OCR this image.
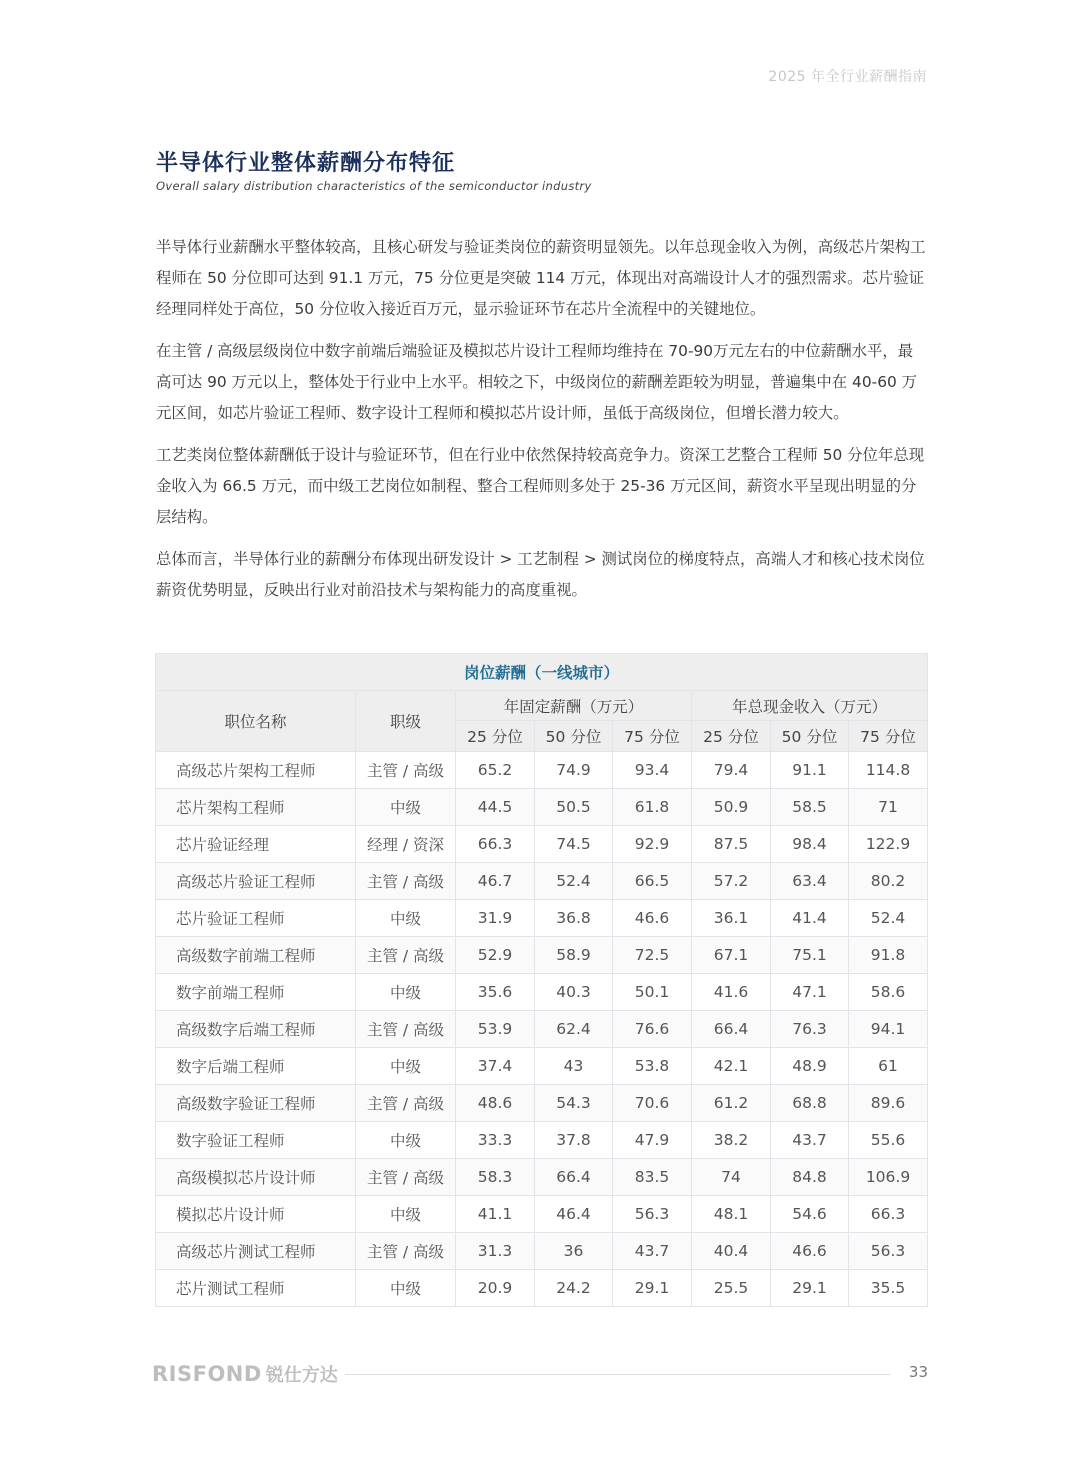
2025 年全行业薪酬指南
半导体行业整体薪酬分布特征

Overall salary distribution characteristics of the semiconductor industry

半导体行业薪酬水平整体较高，且核心研发与验证类岗位的薪资明显领先。以年总现金收入为例，高级芯片架构工程师在 50 分位即可达到 91.1 万元，75 分位更是突破 114 万元，体现出对高端设计人才的强烈需求。芯片验证经理同样处于高位，50 分位收入接近百万元，显示验证环节在芯片全流程中的关键地位。

在主管 / 高级层级岗位中数字前端后端验证及模拟芯片设计工程师均维持在 70-90万元左右的中位薪酬水平，最高可达 90 万元以上，整体处于行业中上水平。相较之下，中级岗位的薪酬差距较为明显，普遍集中在 40-60 万元区间，如芯片验证工程师、数字设计工程师和模拟芯片设计师，虽低于高级岗位，但增长潜力较大。

工艺类岗位整体薪酬低于设计与验证环节，但在行业中依然保持较高竞争力。资深工艺整合工程师 50 分位年总现金收入为 66.5 万元，而中级工艺岗位如制程、整合工程师则多处于 25-36 万元区间，薪资水平呈现出明显的分层结构。

总体而言，半导体行业的薪酬分布体现出研发设计 > 工艺制程 > 测试岗位的梯度特点，高端人才和核心技术岗位薪资优势明显，反映出行业对前沿技术与架构能力的高度重视。

岗位薪酬（一线城市）							
职位名称	职级	年固定薪酬（万元）			年总现金收入（万元）		
		25 分位	50 分位	75 分位	25 分位	50 分位	75 分位
高级芯片架构工程师	主管 / 高级	65.2	74.9	93.4	79.4	91.1	114.8
芯片架构工程师	中级	44.5	50.5	61.8	50.9	58.5	71
芯片验证经理	经理 / 资深	66.3	74.5	92.9	87.5	98.4	122.9
高级芯片验证工程师	主管 / 高级	46.7	52.4	66.5	57.2	63.4	80.2
芯片验证工程师	中级	31.9	36.8	46.6	36.1	41.4	52.4
高级数字前端工程师	主管 / 高级	52.9	58.9	72.5	67.1	75.1	91.8
数字前端工程师	中级	35.6	40.3	50.1	41.6	47.1	58.6
高级数字后端工程师	主管 / 高级	53.9	62.4	76.6	66.4	76.3	94.1
数字后端工程师	中级	37.4	43	53.8	42.1	48.9	61
高级数字验证工程师	主管 / 高级	48.6	54.3	70.6	61.2	68.8	89.6
数字验证工程师	中级	33.3	37.8	47.9	38.2	43.7	55.6
高级模拟芯片设计师	主管 / 高级	58.3	66.4	83.5	74	84.8	106.9
模拟芯片设计师	中级	41.1	46.4	56.3	48.1	54.6	66.3
高级芯片测试工程师	主管 / 高级	31.3	36	43.7	40.4	46.6	56.3
芯片测试工程师	中级	20.9	24.2	29.1	25.5	29.1	35.5
RISFOND 锐仕方达	33
